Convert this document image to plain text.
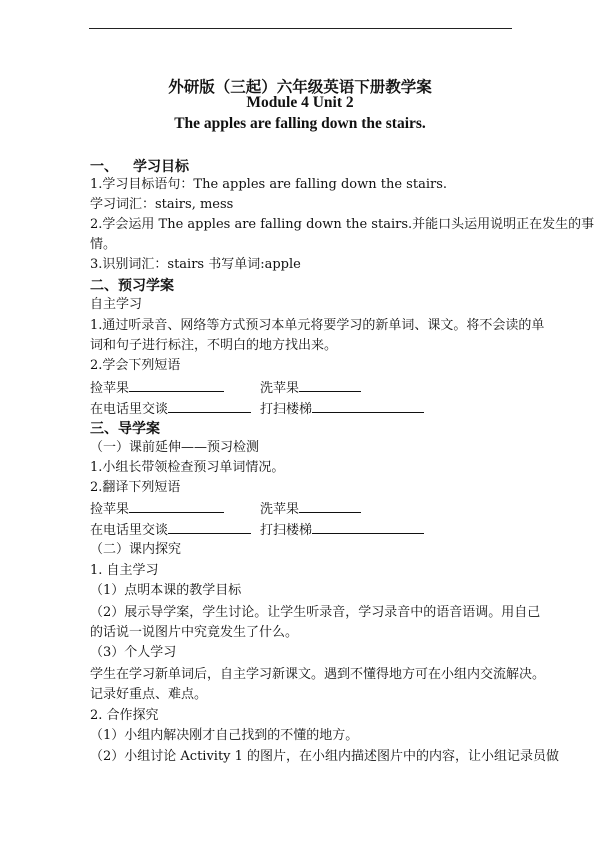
外研版（三起）六年级英语下册教学案
Module 4 Unit 2
The apples are falling down the stairs.
一、 学习目标
1.学习目标语句：The apples are falling down the stairs.
学习词汇：stairs, mess
2.学会运用 The apples are falling down the stairs.并能口头运用说明正在发生的事
情。
3.识别词汇：stairs 书写单词:apple
二、预习学案
自主学习
1.通过听录音、网络等方式预习本单元将要学习的新单词、课文。将不会读的单
词和句子进行标注，不明白的地方找出来。
2.学会下列短语
捡苹果	洗苹果
在电话里交谈	打扫楼梯
三、导学案
（一）课前延伸——预习检测
1.小组长带领检查预习单词情况。
2.翻译下列短语
捡苹果	洗苹果
在电话里交谈	打扫楼梯
（二）课内探究
1. 自主学习
（1）点明本课的教学目标
（2）展示导学案，学生讨论。让学生听录音，学习录音中的语音语调。用自己
的话说一说图片中究竟发生了什么。
（3）个人学习
学生在学习新单词后，自主学习新课文。遇到不懂得地方可在小组内交流解决。
记录好重点、难点。
2. 合作探究
（1）小组内解决刚才自己找到的不懂的地方。
（2）小组讨论 Activity 1 的图片，在小组内描述图片中的内容，让小组记录员做
